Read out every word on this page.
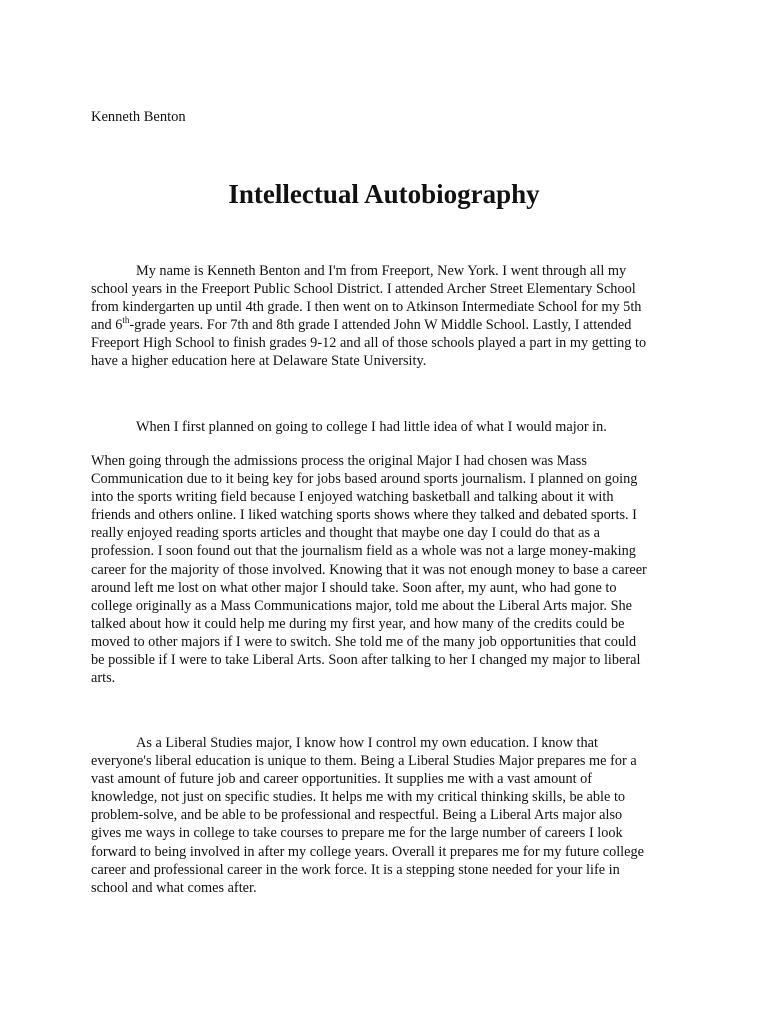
Kenneth Benton

Intellectual Autobiography
My name is Kenneth Benton and I'm from Freeport, New York. I went through all my
school years in the Freeport Public School District. I attended Archer Street Elementary School
from kindergarten up until 4th grade. I then went on to Atkinson Intermediate School for my 5th
and 6th-grade years. For 7th and 8th grade I attended John W Middle School. Lastly, I attended
Freeport High School to finish grades 9-12 and all of those schools played a part in my getting to
have a higher education here at Delaware State University.
When I first planned on going to college I had little idea of what I would major in.
When going through the admissions process the original Major I had chosen was Mass
Communication due to it being key for jobs based around sports journalism. I planned on going
into the sports writing field because I enjoyed watching basketball and talking about it with
friends and others online. I liked watching sports shows where they talked and debated sports. I
really enjoyed reading sports articles and thought that maybe one day I could do that as a
profession. I soon found out that the journalism field as a whole was not a large money-making
career for the majority of those involved. Knowing that it was not enough money to base a career
around left me lost on what other major I should take. Soon after, my aunt, who had gone to
college originally as a Mass Communications major, told me about the Liberal Arts major. She
talked about how it could help me during my first year, and how many of the credits could be
moved to other majors if I were to switch. She told me of the many job opportunities that could
be possible if I were to take Liberal Arts. Soon after talking to her I changed my major to liberal
arts.
As a Liberal Studies major, I know how I control my own education. I know that
everyone's liberal education is unique to them. Being a Liberal Studies Major prepares me for a
vast amount of future job and career opportunities. It supplies me with a vast amount of
knowledge, not just on specific studies. It helps me with my critical thinking skills, be able to
problem-solve, and be able to be professional and respectful. Being a Liberal Arts major also
gives me ways in college to take courses to prepare me for the large number of careers I look
forward to being involved in after my college years. Overall it prepares me for my future college
career and professional career in the work force. It is a stepping stone needed for your life in
school and what comes after.
